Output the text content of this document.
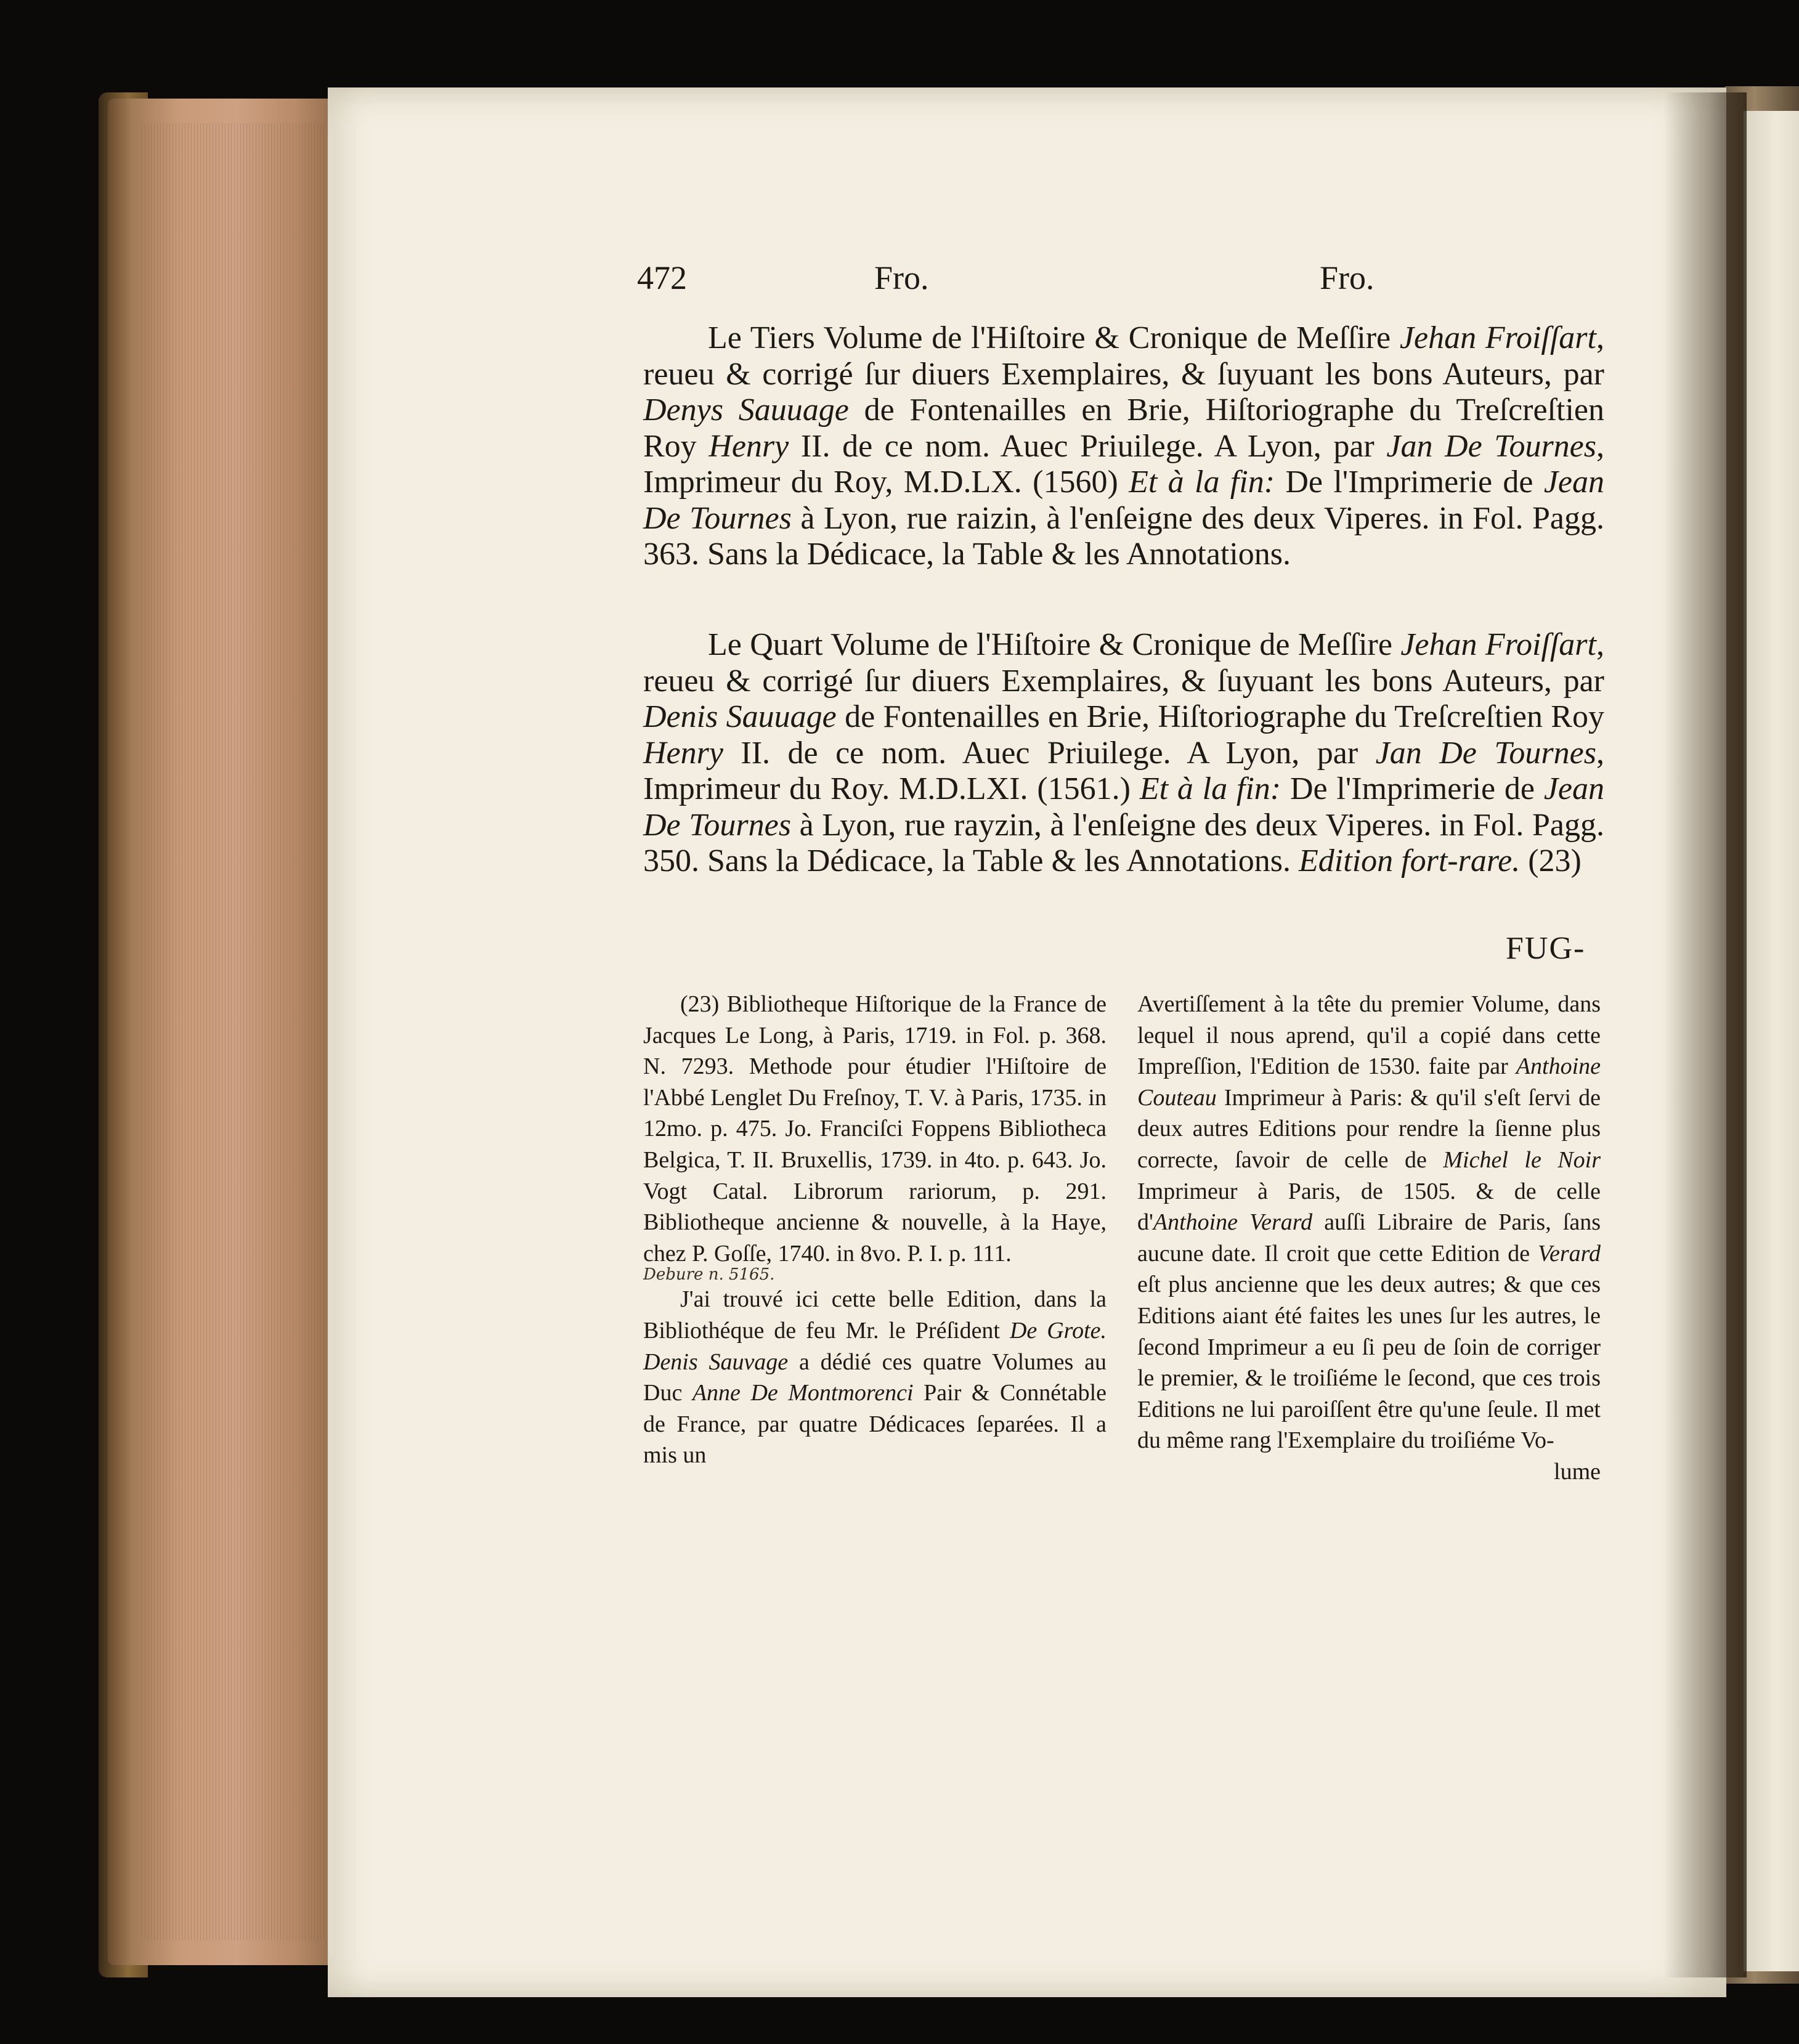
472	Fro.	Fro.

Le Tiers Volume de l'Hiſtoire & Cronique de Meſſire Jehan Froiſſart, reueu & corrigé ſur diuers Exemplaires, & ſuyuant les bons Auteurs, par Denys Sauuage de Fontenailles en Brie, Hiſtoriographe du Treſcreſtien Roy Henry II. de ce nom. Auec Priuilege. A Lyon, par Jan De Tournes, Imprimeur du Roy, M.D.LX. (1560) Et à la fin: De l'Imprimerie de Jean De Tournes à Lyon, rue raizin, à l'enſeigne des deux Viperes. in Fol. Pagg. 363. Sans la Dédicace, la Table & les Annotations.

Le Quart Volume de l'Hiſtoire & Cronique de Meſſire Jehan Froiſſart, reueu & corrigé ſur diuers Exemplaires, & ſuyuant les bons Auteurs, par Denis Sauuage de Fontenailles en Brie, Hiſtoriographe du Treſcreſtien Roy Henry II. de ce nom. Auec Priuilege. A Lyon, par Jan De Tournes, Imprimeur du Roy. M.D.LXI. (1561.) Et à la fin: De l'Imprimerie de Jean De Tournes à Lyon, rue rayzin, à l'enſeigne des deux Viperes. in Fol. Pagg. 350. Sans la Dédicace, la Table & les Annotations. Edition fort-rare. (23)

FUG-

(23) Bibliotheque Hiſtorique de la France de Jacques Le Long, à Paris, 1719. in Fol. p. 368. N. 7293. Methode pour étudier l'Hiſtoire de l'Abbé Lenglet Du Freſnoy, T. V. à Paris, 1735. in 12mo. p. 475. Jo. Franciſci Foppens Bibliotheca Belgica, T. II. Bruxellis, 1739. in 4to. p. 643. Jo. Vogt Catal. Librorum rariorum, p. 291. Bibliotheque ancienne & nouvelle, à la Haye, chez P. Goſſe, 1740. in 8vo. P. I. p. 111.

Debure n. 5165.

J'ai trouvé ici cette belle Edition, dans la Bibliothéque de feu Mr. le Préſident De Grote. Denis Sauvage a dédié ces quatre Volumes au Duc Anne De Montmorenci Pair & Connétable de France, par quatre Dédicaces ſeparées. Il a mis un

Avertiſſement à la tête du premier Volume, dans lequel il nous aprend, qu'il a copié dans cette Impreſſion, l'Edition de 1530. faite par Anthoine Couteau Imprimeur à Paris: & qu'il s'eſt ſervi de deux autres Editions pour rendre la ſienne plus correcte, ſavoir de celle de Michel le Noir Imprimeur à Paris, de 1505. & de celle d'Anthoine Verard auſſi Libraire de Paris, ſans aucune date. Il croit que cette Edition de Verard eſt plus ancienne que les deux autres; & que ces Editions aiant été faites les unes ſur les autres, le ſecond Imprimeur a eu ſi peu de ſoin de corriger le premier, & le troiſiéme le ſecond, que ces trois Editions ne lui paroiſſent être qu'une ſeule. Il met du même rang l'Exemplaire du troiſiéme Vo-

lume
